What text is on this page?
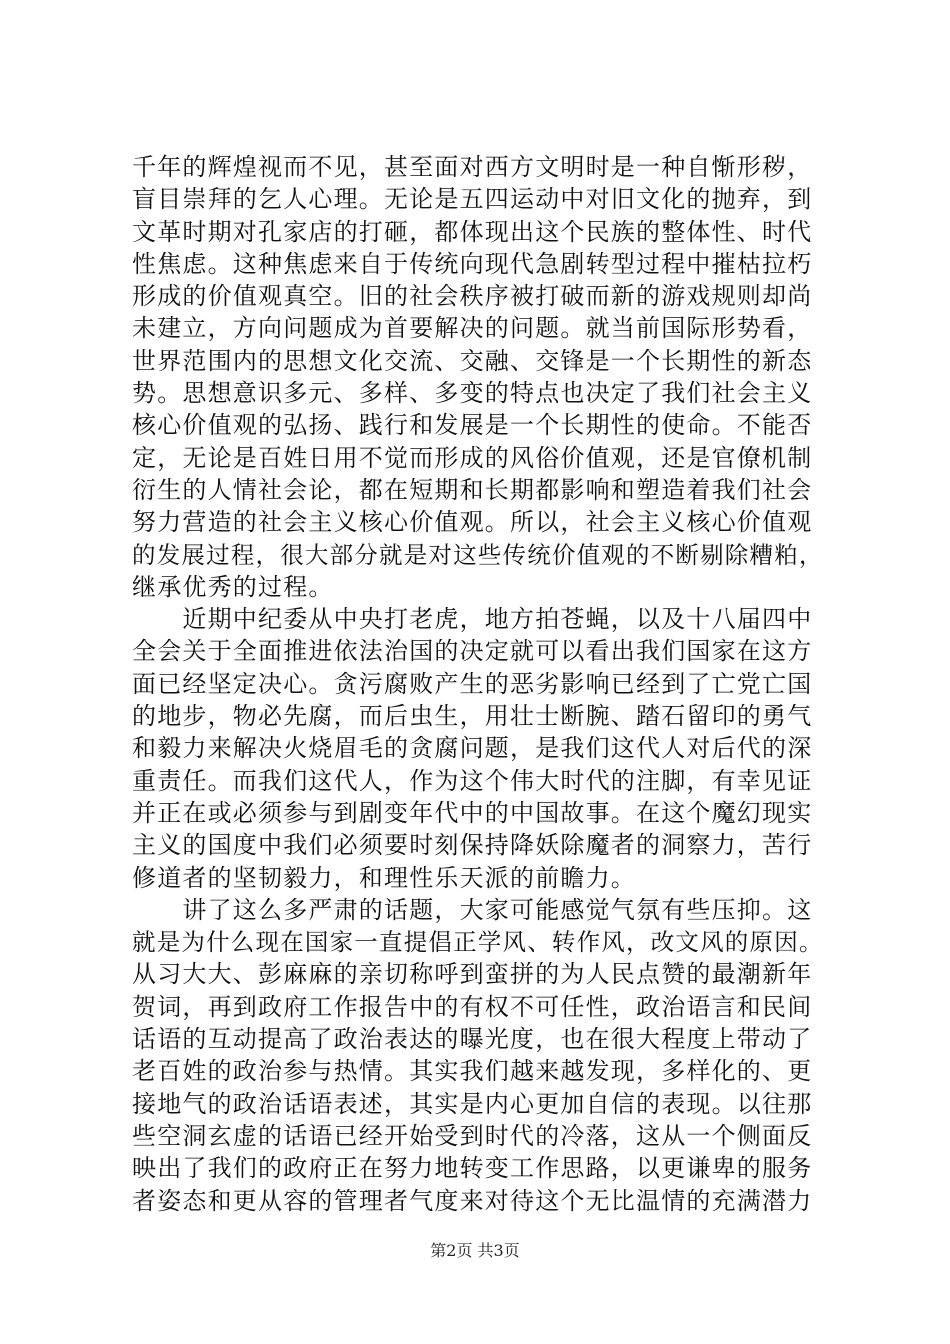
千年的辉煌视而不见，甚至面对西方文明时是一种自惭形秽，
盲目崇拜的乞人心理。无论是五四运动中对旧文化的抛弃，到
文革时期对孔家店的打砸，都体现出这个民族的整体性、时代
性焦虑。这种焦虑来自于传统向现代急剧转型过程中摧枯拉朽
形成的价值观真空。旧的社会秩序被打破而新的游戏规则却尚
未建立，方向问题成为首要解决的问题。就当前国际形势看，
世界范围内的思想文化交流、交融、交锋是一个长期性的新态
势。思想意识多元、多样、多变的特点也决定了我们社会主义
核心价值观的弘扬、践行和发展是一个长期性的使命。不能否
定，无论是百姓日用不觉而形成的风俗价值观，还是官僚机制
衍生的人情社会论，都在短期和长期都影响和塑造着我们社会
努力营造的社会主义核心价值观。所以，社会主义核心价值观
的发展过程，很大部分就是对这些传统价值观的不断剔除糟粕，
继承优秀的过程。
　　近期中纪委从中央打老虎，地方拍苍蝇，以及十八届四中
全会关于全面推进依法治国的决定就可以看出我们国家在这方
面已经坚定决心。贪污腐败产生的恶劣影响已经到了亡党亡国
的地步，物必先腐，而后虫生，用壮士断腕、踏石留印的勇气
和毅力来解决火烧眉毛的贪腐问题，是我们这代人对后代的深
重责任。而我们这代人，作为这个伟大时代的注脚，有幸见证
并正在或必须参与到剧变年代中的中国故事。在这个魔幻现实
主义的国度中我们必须要时刻保持降妖除魔者的洞察力，苦行
修道者的坚韧毅力，和理性乐天派的前瞻力。
　　讲了这么多严肃的话题，大家可能感觉气氛有些压抑。这
就是为什么现在国家一直提倡正学风、转作风，改文风的原因。
从习大大、彭麻麻的亲切称呼到蛮拼的为人民点赞的最潮新年
贺词，再到政府工作报告中的有权不可任性，政治语言和民间
话语的互动提高了政治表达的曝光度，也在很大程度上带动了
老百姓的政治参与热情。其实我们越来越发现，多样化的、更
接地气的政治话语表述，其实是内心更加自信的表现。以往那
些空洞玄虚的话语已经开始受到时代的冷落，这从一个侧面反
映出了我们的政府正在努力地转变工作思路，以更谦卑的服务
者姿态和更从容的管理者气度来对待这个无比温情的充满潜力
第2页 共3页
